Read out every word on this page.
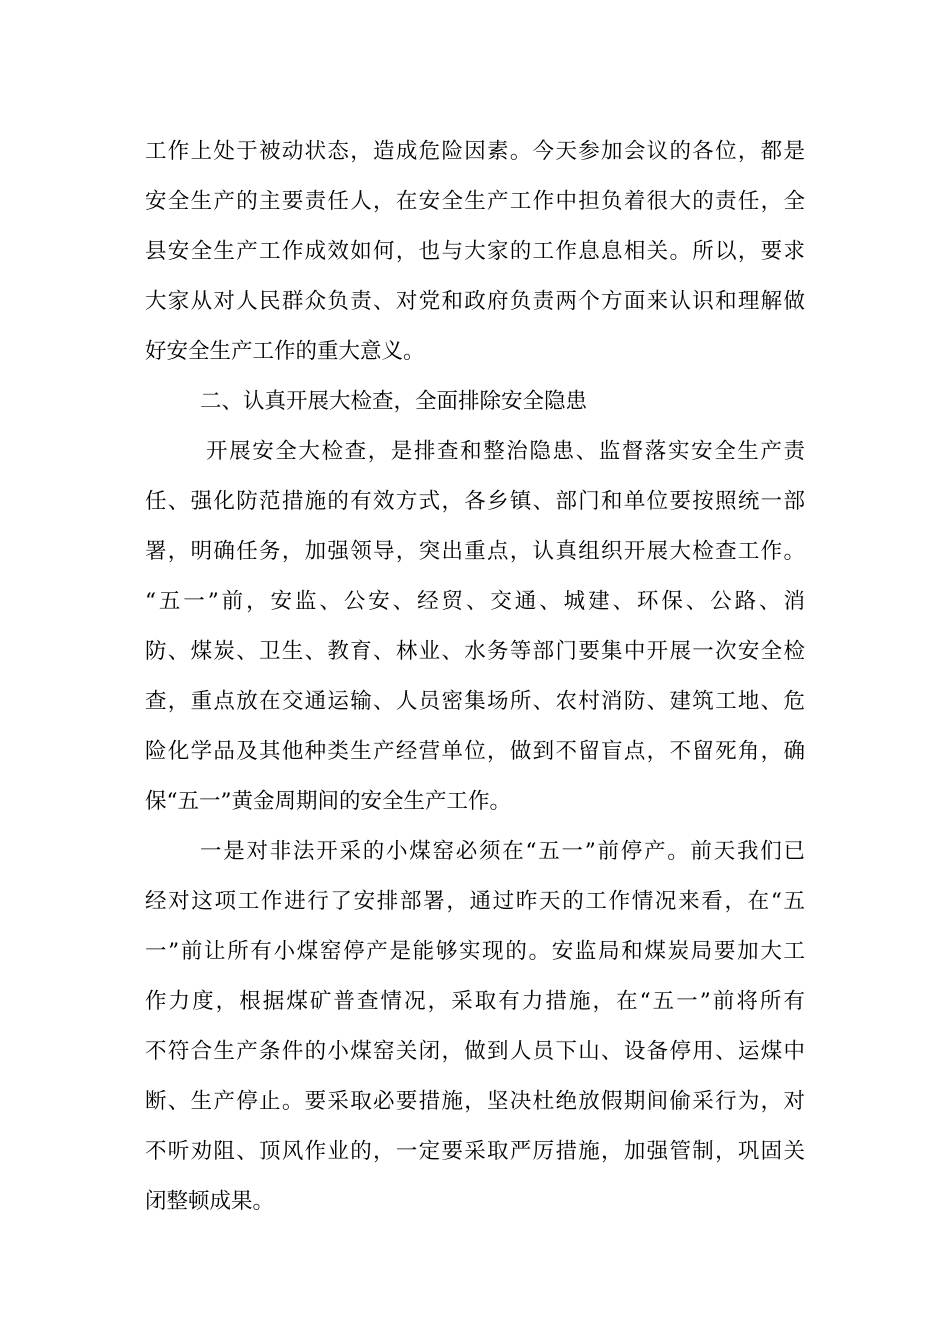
工作上处于被动状态，造成危险因素。今天参加会议的各位，都是
安全生产的主要责任人，在安全生产工作中担负着很大的责任，全
县安全生产工作成效如何，也与大家的工作息息相关。所以，要求
大家从对人民群众负责、对党和政府负责两个方面来认识和理解做
好安全生产工作的重大意义。
二、认真开展大检查，全面排除安全隐患
开展安全大检查，是排查和整治隐患、监督落实安全生产责
任、强化防范措施的有效方式，各乡镇、部门和单位要按照统一部
署，明确任务，加强领导，突出重点，认真组织开展大检查工作。
“五一”前，安监、公安、经贸、交通、城建、环保、公路、消
防、煤炭、卫生、教育、林业、水务等部门要集中开展一次安全检
查，重点放在交通运输、人员密集场所、农村消防、建筑工地、危
险化学品及其他种类生产经营单位，做到不留盲点，不留死角，确
保“五一”黄金周期间的安全生产工作。
一是对非法开采的小煤窑必须在“五一”前停产。前天我们已
经对这项工作进行了安排部署，通过昨天的工作情况来看，在“五
一”前让所有小煤窑停产是能够实现的。安监局和煤炭局要加大工
作力度，根据煤矿普查情况，采取有力措施，在“五一”前将所有
不符合生产条件的小煤窑关闭，做到人员下山、设备停用、运煤中
断、生产停止。要采取必要措施，坚决杜绝放假期间偷采行为，对
不听劝阻、顶风作业的，一定要采取严厉措施，加强管制，巩固关
闭整顿成果。
